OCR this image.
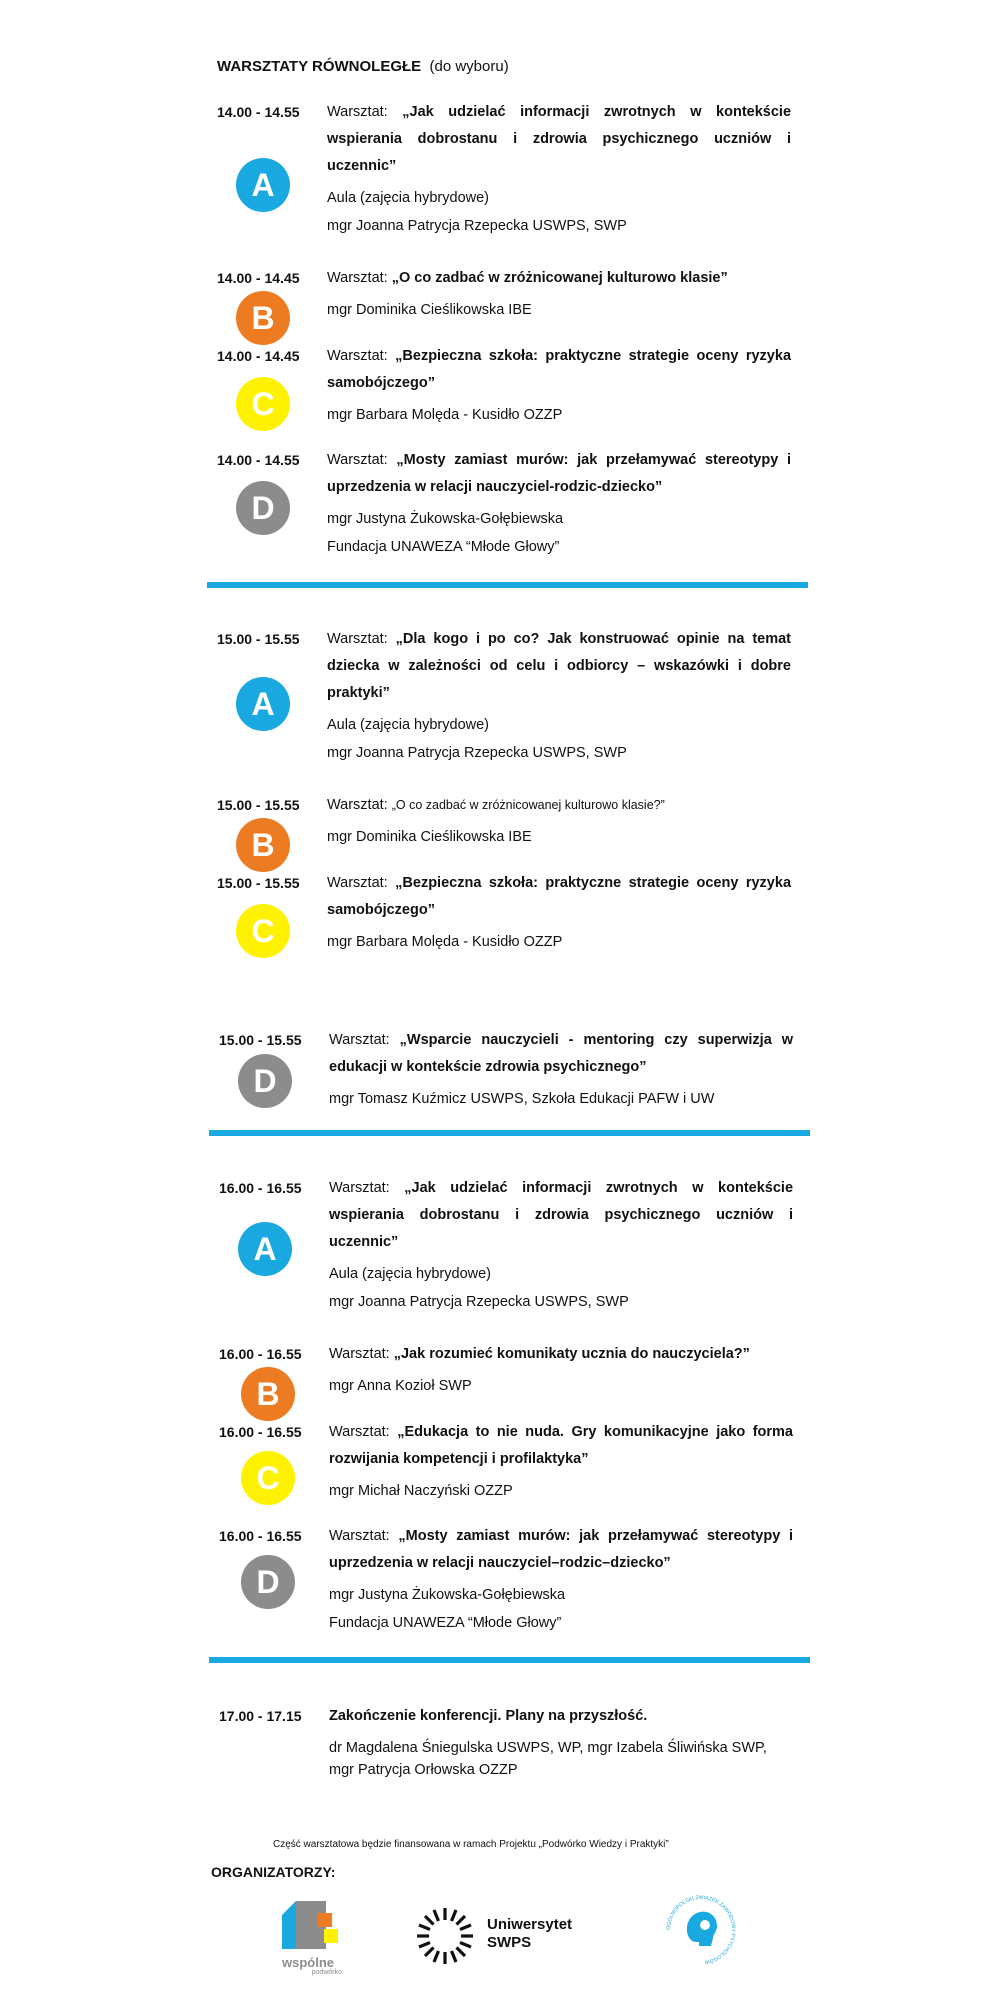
WARSZTATY RÓWNOLEGŁE (do wyboru)
14.00 - 14.55
A
Warsztat: „Jak udzielać informacji zwrotnych w kontekście wspierania dobrostanu i zdrowia psychicznego uczniów i uczennic”
Aula (zajęcia hybrydowe)
mgr Joanna Patrycja Rzepecka USWPS, SWP
14.00 - 14.45
B
Warsztat: „O co zadbać w zróżnicowanej kulturowo klasie”
mgr Dominika Cieślikowska IBE
14.00 - 14.45
C
Warsztat: „Bezpieczna szkoła: praktyczne strategie oceny ryzyka samobójczego”
mgr Barbara Molęda - Kusidło OZZP
14.00 - 14.55
D
Warsztat: „Mosty zamiast murów: jak przełamywać stereotypy i uprzedzenia w relacji nauczyciel-rodzic-dziecko”
mgr Justyna Żukowska-Gołębiewska
Fundacja UNAWEZA “Młode Głowy”
15.00 - 15.55
A
Warsztat: „Dla kogo i po co? Jak konstruować opinie na temat dziecka w zależności od celu i odbiorcy – wskazówki i dobre praktyki”
Aula (zajęcia hybrydowe)
mgr Joanna Patrycja Rzepecka USWPS, SWP
15.00 - 15.55
B
Warsztat: „O co zadbać w zróżnicowanej kulturowo klasie?”
mgr Dominika Cieślikowska IBE
15.00 - 15.55
C
Warsztat: „Bezpieczna szkoła: praktyczne strategie oceny ryzyka samobójczego”
mgr Barbara Molęda - Kusidło OZZP
15.00 - 15.55
D
Warsztat: „Wsparcie nauczycieli - mentoring czy superwizja w edukacji w kontekście zdrowia psychicznego”
mgr Tomasz Kuźmicz USWPS, Szkoła Edukacji PAFW i UW
16.00 - 16.55
A
Warsztat: „Jak udzielać informacji zwrotnych w kontekście wspierania dobrostanu i zdrowia psychicznego uczniów i uczennic”
Aula (zajęcia hybrydowe)
mgr Joanna Patrycja Rzepecka USWPS, SWP
16.00 - 16.55
B
Warsztat: „Jak rozumieć komunikaty ucznia do nauczyciela?”
mgr Anna Kozioł SWP
16.00 - 16.55
C
Warsztat: „Edukacja to nie nuda. Gry komunikacyjne jako forma rozwijania kompetencji i profilaktyka”
mgr Michał Naczyński OZZP
16.00 - 16.55
D
Warsztat: „Mosty zamiast murów: jak przełamywać stereotypy i uprzedzenia w relacji nauczyciel–rodzic–dziecko”
mgr Justyna Żukowska-Gołębiewska
Fundacja UNAWEZA “Młode Głowy”
17.00 - 17.15 Zakończenie konferencji. Plany na przyszłość.
dr Magdalena Śniegulska USWPS, WP, mgr Izabela Śliwińska SWP,
mgr Patrycja Orłowska OZZP
Część warsztatowa będzie finansowana w ramach Projektu „Podwórko Wiedzy i Praktyki”
ORGANIZATORZY:
wspólne
podwórko
Uniwersytet
SWPS
OGÓLNOPOLSKI ZWIĄZEK ZAWODOWY PSYCHOLOGÓW
